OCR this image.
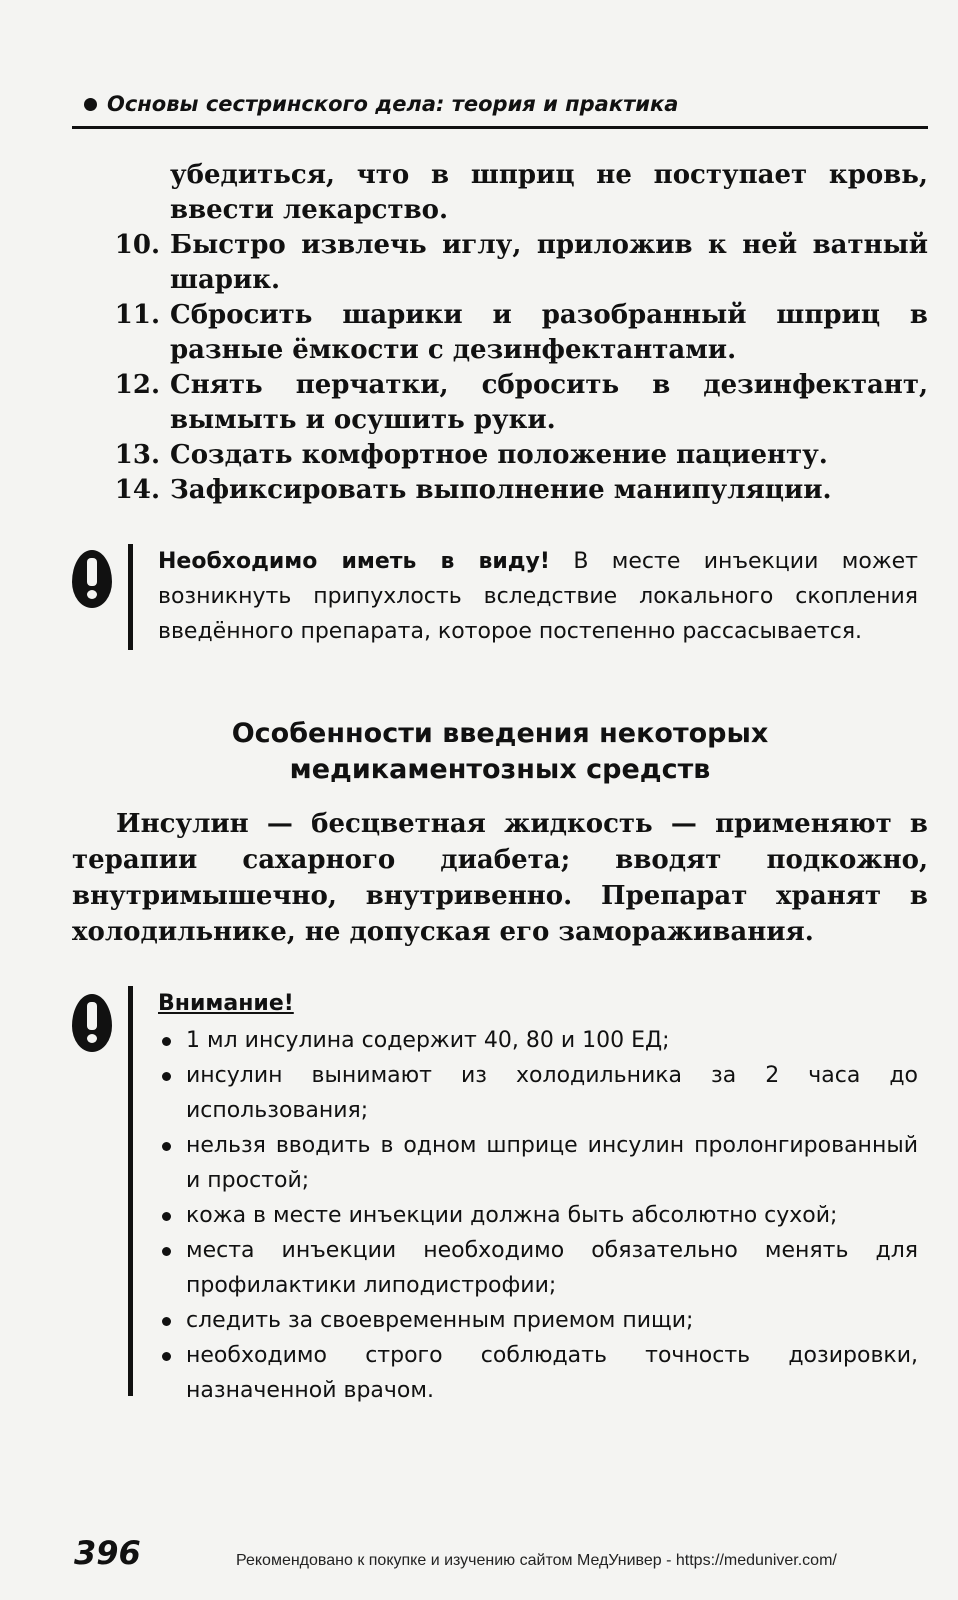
Основы сестринского дела: теория и практика
убедиться, что в шприц не поступает кровь, ввести лекарство.
10. Быстро извлечь иглу, приложив к ней ватный шарик.
11. Сбросить шарики и разобранный шприц в разные ёмкости с дезинфектантами.
12. Снять перчатки, сбросить в дезинфектант, вымыть и осушить руки.
13. Создать комфортное положение пациенту.
14. Зафиксировать выполнение манипуляции.
Необходимо иметь в виду! В месте инъекции может возникнуть припухлость вследствие локального скопления введённого препарата, которое постепенно рассасывается.
Особенности введения некоторых
медикаментозных средств
Инсулин — бесцветная жидкость — применяют в терапии сахарного диабета; вводят подкожно, внутримышечно, внутривенно. Препарат хранят в холодильнике, не допуская его замораживания.
Внимание!
1 мл инсулина содержит 40, 80 и 100 ЕД;
инсулин вынимают из холодильника за 2 часа до использования;
нельзя вводить в одном шприце инсулин пролонгированный и простой;
кожа в месте инъекции должна быть абсолютно сухой;
места инъекции необходимо обязательно менять для профилактики липодистрофии;
следить за своевременным приемом пищи;
необходимо строго соблюдать точность дозировки, назначенной врачом.
396	Рекомендовано к покупке и изучению сайтом МедУнивер - https://meduniver.com/
